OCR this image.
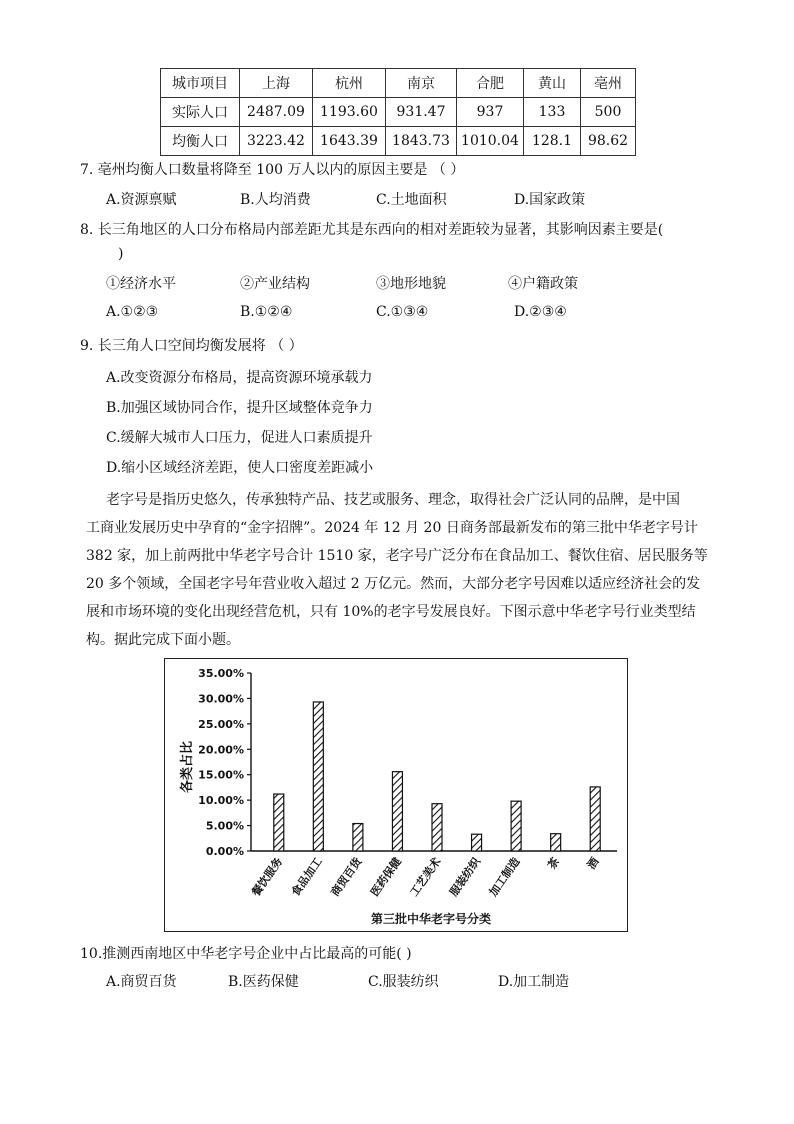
城市项目	上海	杭州	南京	合肥	黄山	亳州
实际人口	2487.09	1193.60	931.47	937	133	500
均衡人口	3223.42	1643.39	1843.73	1010.04	128.1	98.62
7. 亳州均衡人口数量将降至 100 万人以内的原因主要是 （ ）
A.资源禀赋	B.人均消费	C.土地面积	D.国家政策
8. 长三角地区的人口分布格局内部差距尤其是东西向的相对差距较为显著，其影响因素主要是(
)
①经济水平	②产业结构	③地形地貌	④户籍政策
A.①②③	B.①②④	C.①③④	D.②③④
9. 长三角人口空间均衡发展将 （ ）
A.改变资源分布格局，提高资源环境承载力
B.加强区域协同合作，提升区域整体竞争力
C.缓解大城市人口压力，促进人口素质提升
D.缩小区域经济差距，使人口密度差距减小
老字号是指历史悠久，传承独特产品、技艺或服务、理念，取得社会广泛认同的品牌，是中国
工商业发展历史中孕育的“金字招牌”。2024 年 12 月 20 日商务部最新发布的第三批中华老字号计
382 家，加上前两批中华老字号合计 1510 家，老字号广泛分布在食品加工、餐饮住宿、居民服务等
20 多个领域，全国老字号年营业收入超过 2 万亿元。然而，大部分老字号因难以适应经济社会的发
展和市场环境的变化出现经营危机，只有 10%的老字号发展良好。下图示意中华老字号行业类型结
构。据此完成下面小题。
各类占比
第三批中华老字号分类
0.00%
5.00%
10.00%
15.00%
20.00%
25.00%
30.00%
35.00%
餐饮服务 食品加工 商贸百货 医药保健 工艺美术 服装纺织 加工制造 茶 酒
10.推测西南地区中华老字号企业中占比最高的可能( )
A.商贸百货	B.医药保健	C.服装纺织	D.加工制造
